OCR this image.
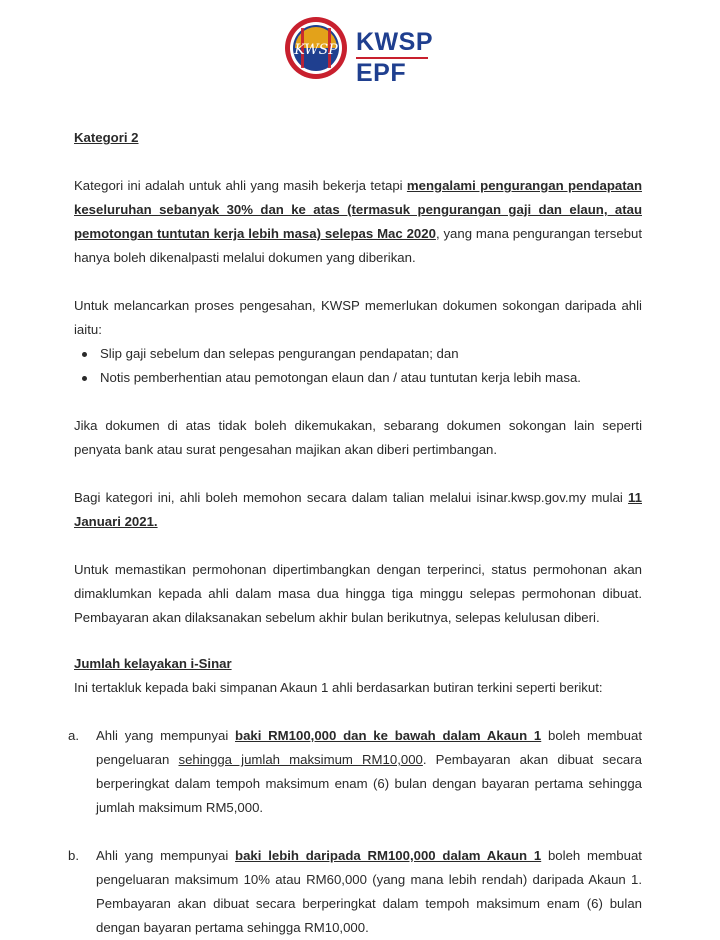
KWSP KWSP
EPF

Kategori 2

Kategori ini adalah untuk ahli yang masih bekerja tetapi mengalami pengurangan pendapatan keseluruhan sebanyak 30% dan ke atas (termasuk pengurangan gaji dan elaun, atau pemotongan tuntutan kerja lebih masa) selepas Mac 2020, yang mana pengurangan tersebut hanya boleh dikenalpasti melalui dokumen yang diberikan.

Untuk melancarkan proses pengesahan, KWSP memerlukan dokumen sokongan daripada ahli iaitu:

Slip gaji sebelum dan selepas pengurangan pendapatan; dan
Notis pemberhentian atau pemotongan elaun dan / atau tuntutan kerja lebih masa.

Jika dokumen di atas tidak boleh dikemukakan, sebarang dokumen sokongan lain seperti penyata bank atau surat pengesahan majikan akan diberi pertimbangan.

Bagi kategori ini, ahli boleh memohon secara dalam talian melalui isinar.kwsp.gov.my mulai 11 Januari 2021.

Untuk memastikan permohonan dipertimbangkan dengan terperinci, status permohonan akan dimaklumkan kepada ahli dalam masa dua hingga tiga minggu selepas permohonan dibuat. Pembayaran akan dilaksanakan sebelum akhir bulan berikutnya, selepas kelulusan diberi.

Jumlah kelayakan i-Sinar

Ini tertakluk kepada baki simpanan Akaun 1 ahli berdasarkan butiran terkini seperti berikut:

a. Ahli yang mempunyai baki RM100,000 dan ke bawah dalam Akaun 1 boleh membuat pengeluaran sehingga jumlah maksimum RM10,000. Pembayaran akan dibuat secara berperingkat dalam tempoh maksimum enam (6) bulan dengan bayaran pertama sehingga jumlah maksimum RM5,000.

b. Ahli yang mempunyai baki lebih daripada RM100,000 dalam Akaun 1 boleh membuat pengeluaran maksimum 10% atau RM60,000 (yang mana lebih rendah) daripada Akaun 1. Pembayaran akan dibuat secara berperingkat dalam tempoh maksimum enam (6) bulan dengan bayaran pertama sehingga RM10,000.
